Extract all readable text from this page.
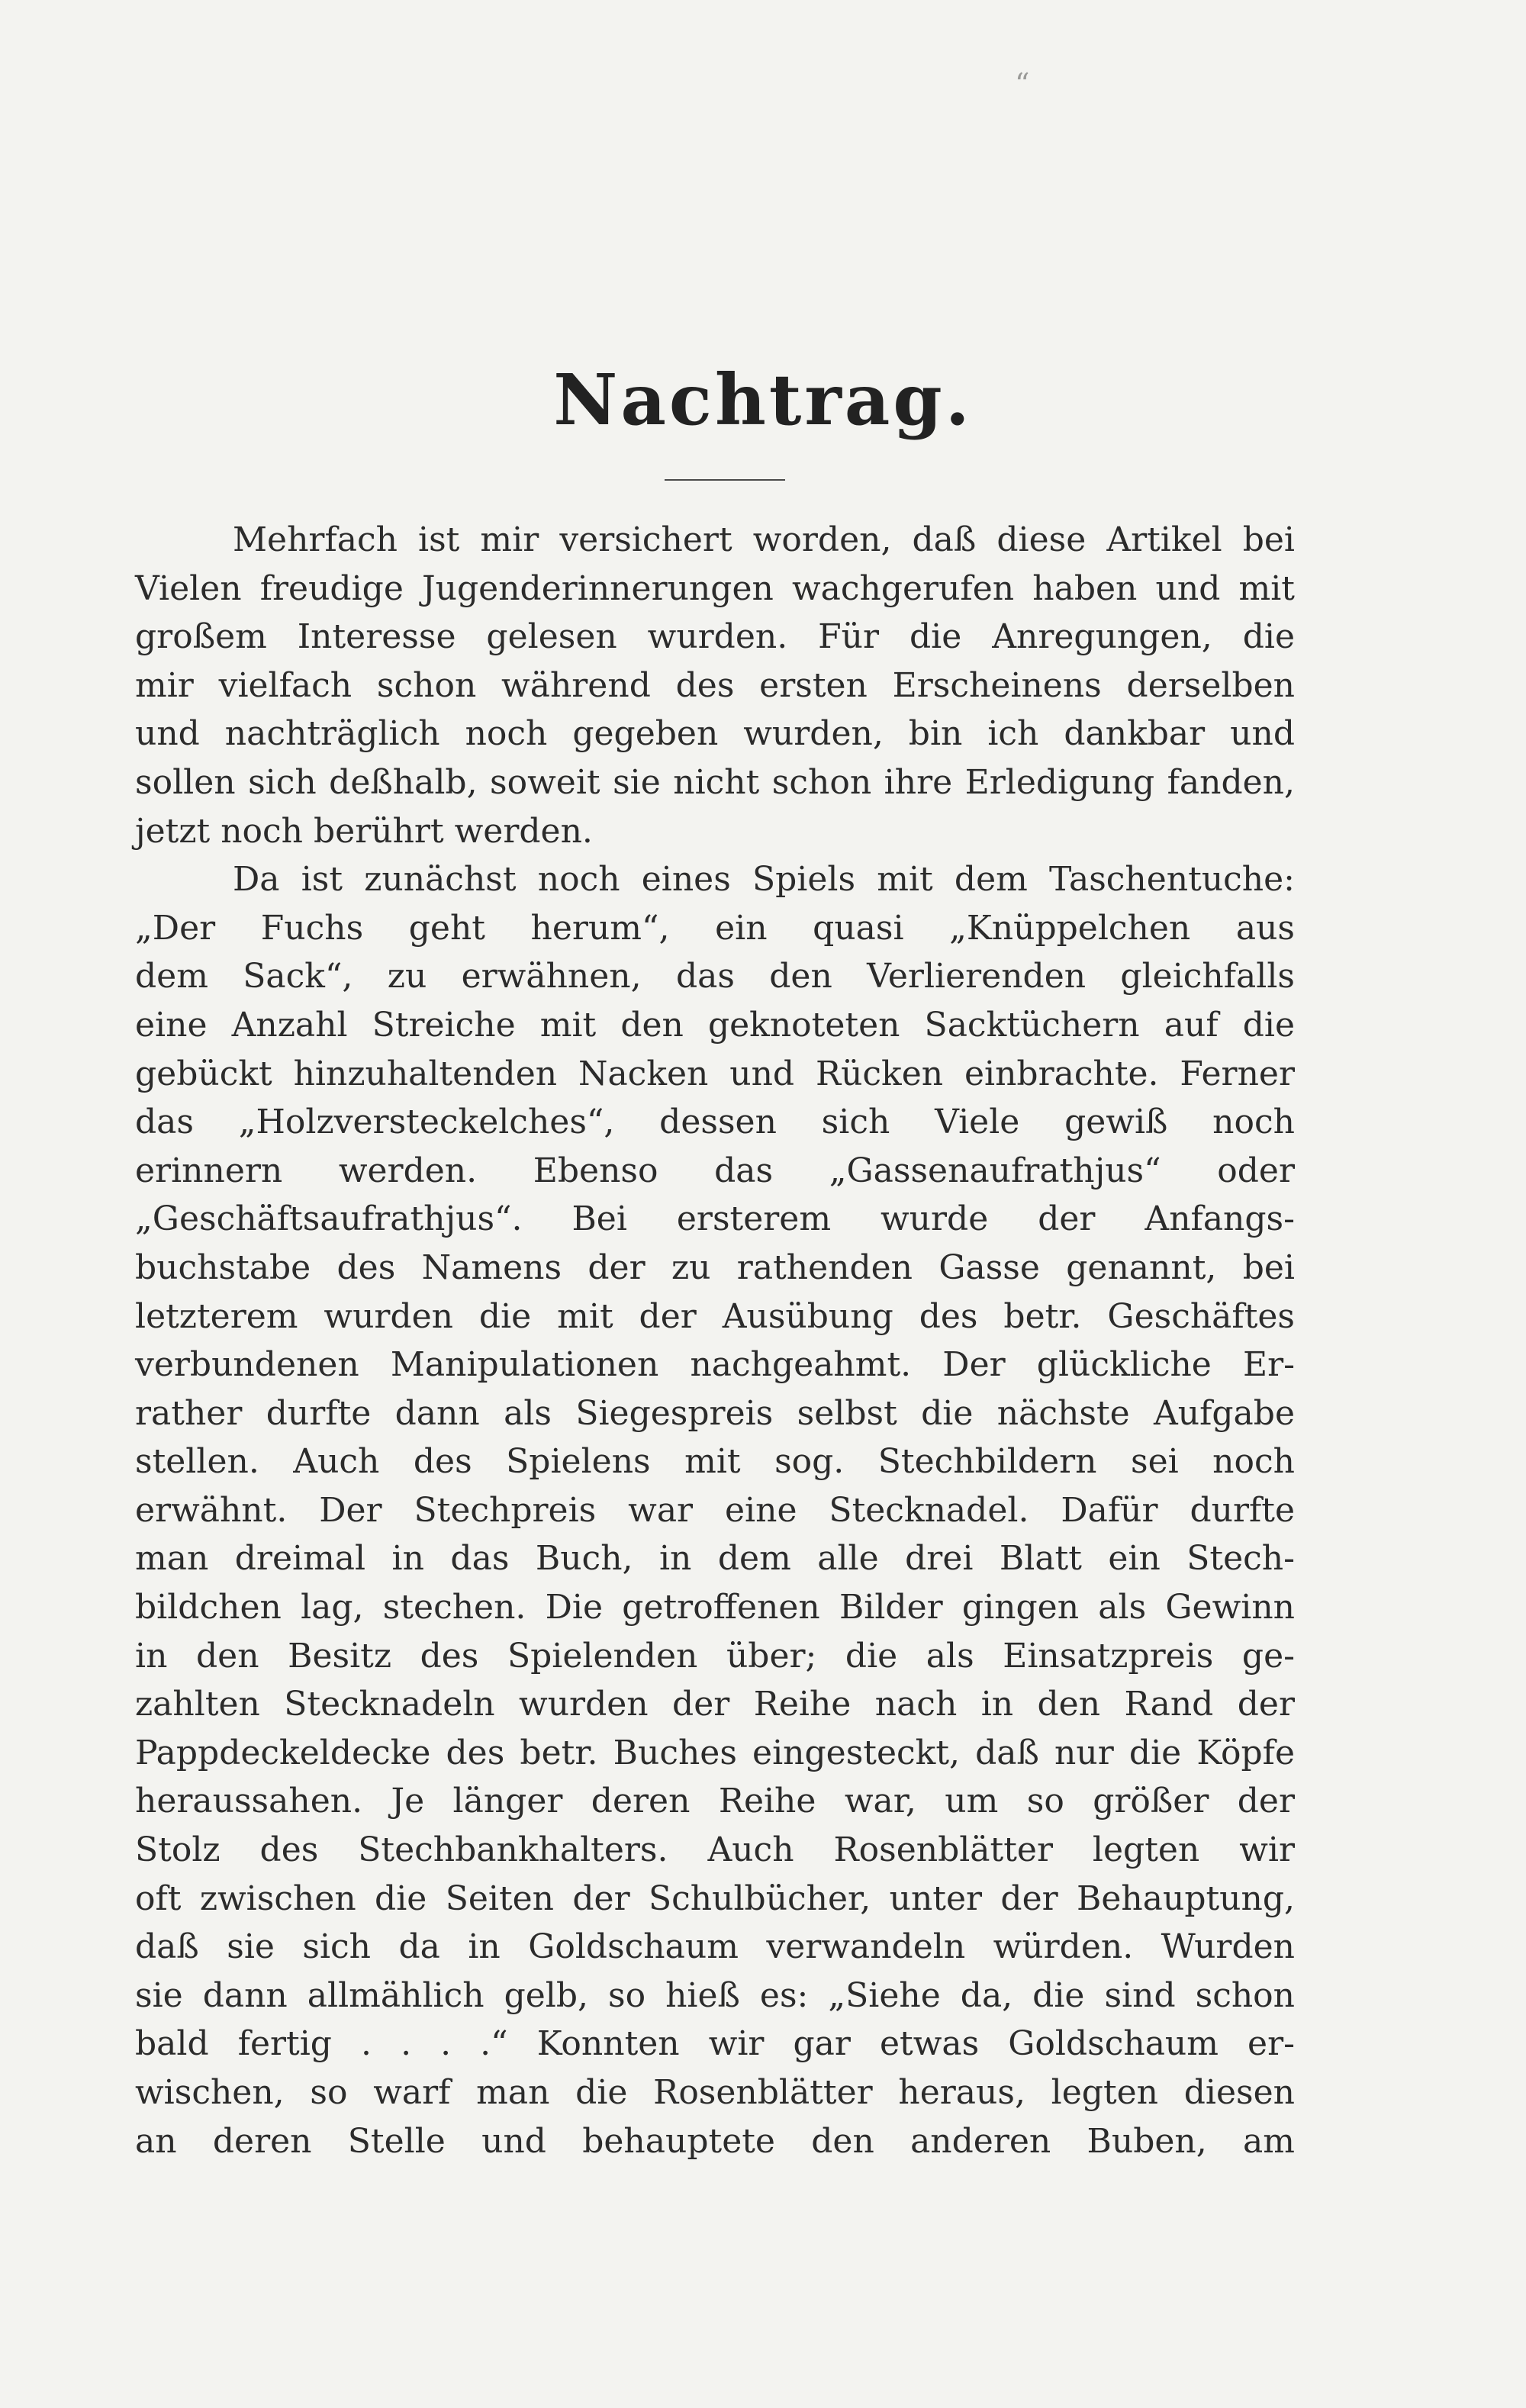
“
Nachtrag.
Mehrfach ist mir versichert worden, daß diese Artikel bei
Vielen freudige Jugenderinnerungen wachgerufen haben und mit
großem Interesse gelesen wurden. Für die Anregungen, die
mir vielfach schon während des ersten Erscheinens derselben
und nachträglich noch gegeben wurden, bin ich dankbar und
sollen sich deßhalb, soweit sie nicht schon ihre Erledigung fanden,
jetzt noch berührt werden.
Da ist zunächst noch eines Spiels mit dem Taschentuche:
„Der Fuchs geht herum“, ein quasi „Knüppelchen aus
dem Sack“, zu erwähnen, das den Verlierenden gleichfalls
eine Anzahl Streiche mit den geknoteten Sacktüchern auf die
gebückt hinzuhaltenden Nacken und Rücken einbrachte. Ferner
das „Holzversteckelches“, dessen sich Viele gewiß noch
erinnern werden. Ebenso das „Gassenaufrathjus“ oder
„Geschäftsaufrathjus“. Bei ersterem wurde der Anfangs-
buchstabe des Namens der zu rathenden Gasse genannt, bei
letzterem wurden die mit der Ausübung des betr. Geschäftes
verbundenen Manipulationen nachgeahmt. Der glückliche Er-
rather durfte dann als Siegespreis selbst die nächste Aufgabe
stellen. Auch des Spielens mit sog. Stechbildern sei noch
erwähnt. Der Stechpreis war eine Stecknadel. Dafür durfte
man dreimal in das Buch, in dem alle drei Blatt ein Stech-
bildchen lag, stechen. Die getroffenen Bilder gingen als Gewinn
in den Besitz des Spielenden über; die als Einsatzpreis ge-
zahlten Stecknadeln wurden der Reihe nach in den Rand der
Pappdeckeldecke des betr. Buches eingesteckt, daß nur die Köpfe
heraussahen. Je länger deren Reihe war, um so größer der
Stolz des Stechbankhalters. Auch Rosenblätter legten wir
oft zwischen die Seiten der Schulbücher, unter der Behauptung,
daß sie sich da in Goldschaum verwandeln würden. Wurden
sie dann allmählich gelb, so hieß es: „Siehe da, die sind schon
bald fertig . . . .“ Konnten wir gar etwas Goldschaum er-
wischen, so warf man die Rosenblätter heraus, legten diesen
an deren Stelle und behauptete den anderen Buben, am
